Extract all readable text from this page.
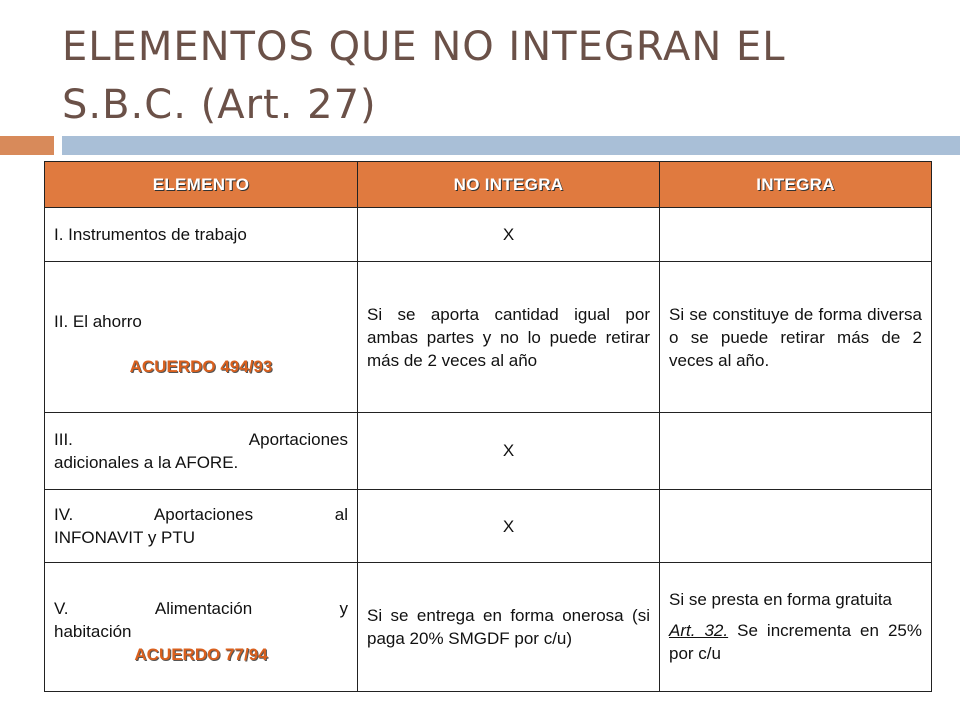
ELEMENTOS QUE NO INTEGRAN EL S.B.C. (Art. 27)
ELEMENTO	NO INTEGRA	INTEGRA
I. Instrumentos de trabajo	X	

II. El ahorro
ACUERDO 494/93	Si se aporta cantidad igual por ambas partes y no lo puede retirar más de 2 veces al año	Si se constituye de forma diversa o se puede retirar más de 2 veces al año.

III. Aportaciones
adicionales a la AFORE.	X	

IV. Aportaciones al
INFONAVIT y PTU	X	

V. Alimentación y
habitación
ACUERDO 77/94	Si se entrega en forma onerosa (si paga 20% SMGDF por c/u)	Si se presta en forma gratuita
Art. 32. Se incrementa en 25% por c/u
